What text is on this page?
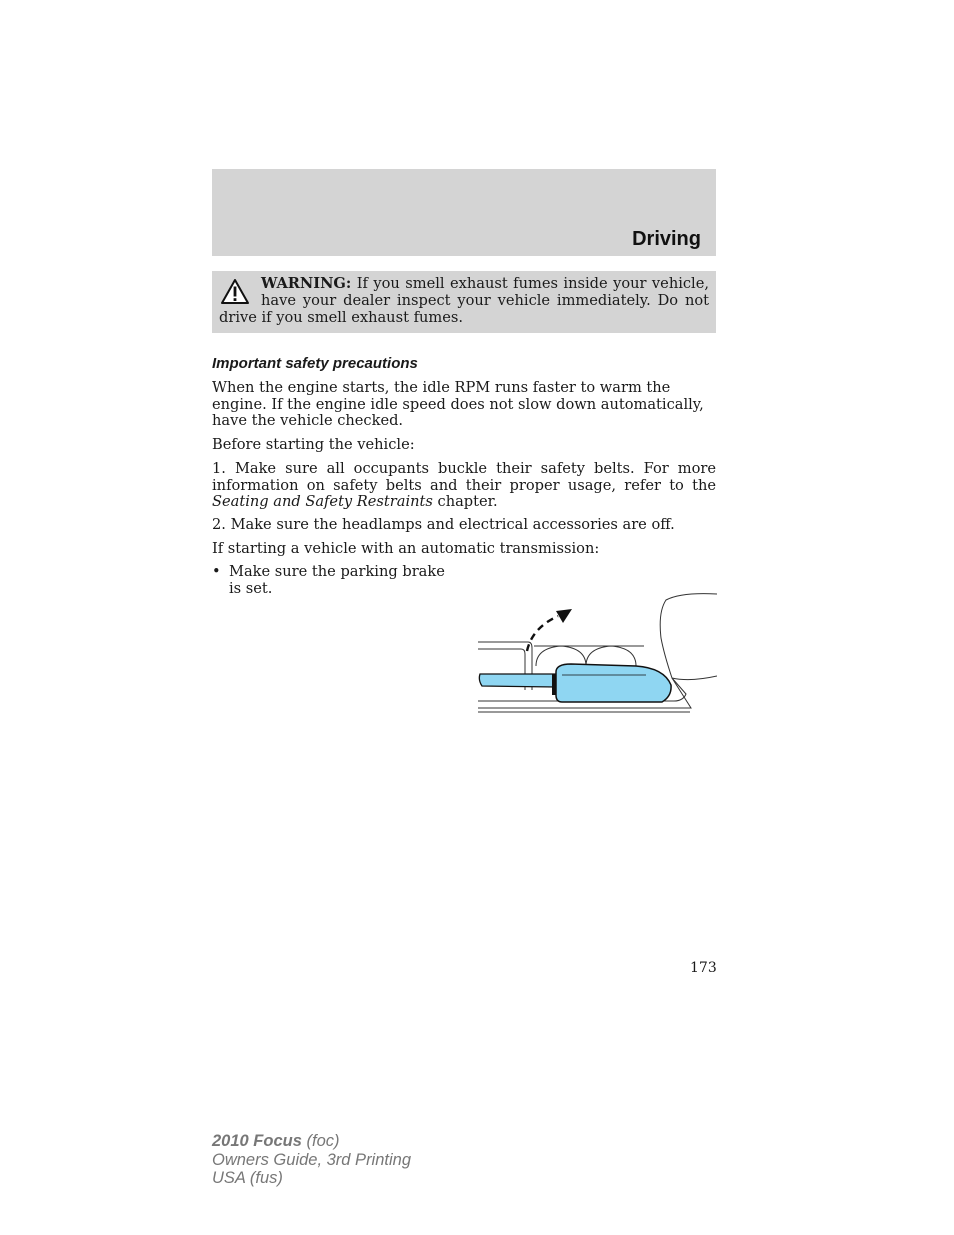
Driving
WARNING: If you smell exhaust fumes inside your vehicle, have your dealer inspect your vehicle immediately. Do not drive if you smell exhaust fumes.
Important safety precautions

When the engine starts, the idle RPM runs faster to warm the engine. If the engine idle speed does not slow down automatically, have the vehicle checked.

Before starting the vehicle:

1. Make sure all occupants buckle their safety belts. For more information on safety belts and their proper usage, refer to the Seating and Safety Restraints chapter.

2. Make sure the headlamps and electrical accessories are off.

If starting a vehicle with an automatic transmission:

• Make sure the parking brake is set.
173
2010 Focus (foc)
Owners Guide, 3rd Printing
USA (fus)
